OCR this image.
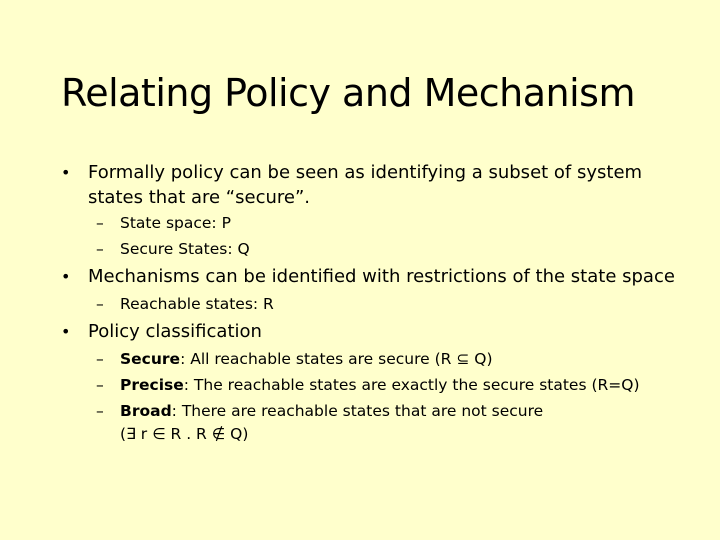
Relating Policy and Mechanism
• Formally policy can be seen as identifying a subset of system
states that are “secure”.
– State space: P
– Secure States: Q
• Mechanisms can be identified with restrictions of the state space
– Reachable states: R
• Policy classification
– Secure: All reachable states are secure (R ⊆ Q)
– Precise: The reachable states are exactly the secure states (R=Q)
– Broad: There are reachable states that are not secure
(∃ r ∈ R . R ∉ Q)
